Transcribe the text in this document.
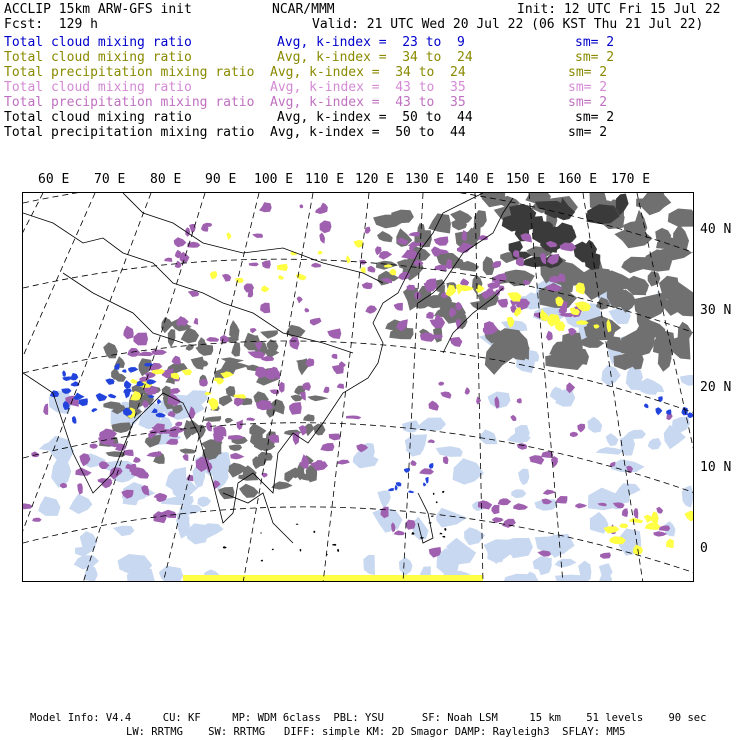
ACCLIP 15km ARW-GFS init	NCAR/MMM	Init: 12 UTC Fri 15 Jul 22
Fcst:  129 h	Valid: 21 UTC Wed 20 Jul 22 (06 KST Thu 21 Jul 22)
Total cloud mixing ratio	Avg, k-index =  23 to  9	sm= 2
Total cloud mixing ratio	Avg, k-index =  34 to  24	sm= 2
Total precipitation mixing ratio Avg, k-index =  34 to  24	sm= 2
Total cloud mixing ratio	Avg, k-index =  43 to  35	sm= 2
Total precipitation mixing ratio Avg, k-index =  43 to  35	sm= 2
Total cloud mixing ratio	Avg, k-index =  50 to  44	sm= 2
Total precipitation mixing ratio Avg, k-index =  50 to  44	sm= 2
60 E 70 E 80 E 90 E 100 E 110 E 120 E 130 E 140 E 150 E 160 E 170 E
40 N
30 N
20 N
10 N
0
Model Info: V4.4     CU: KF     MP: WDM 6class  PBL: YSU      SF: Noah LSM     15 km    51 levels    90 sec
LW: RRTMG    SW: RRTMG   DIFF: simple KM: 2D Smagor DAMP: Rayleigh3  SFLAY: MM5
